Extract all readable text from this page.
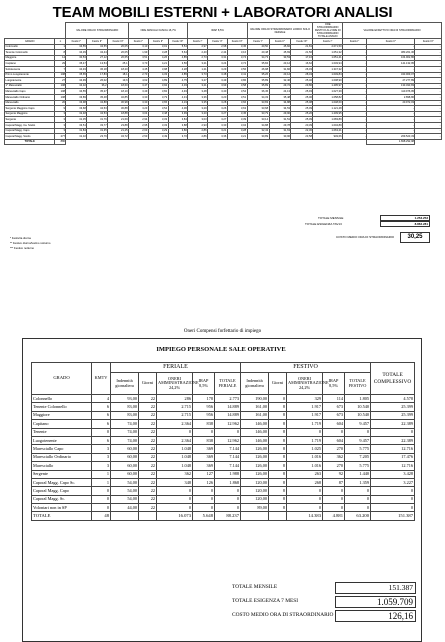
TEAM MOBILI ESTERNI + LABORATORI ANALISI
		VALORE ORA DI STRAORDINARIO			ORE ANNUALI FASCIA 16,7%			IRAP 8,5%			VALORE ORA DI STRAORDINARIO LORDO SOLO FERIALE			ORE STRAORDINARIO FESTIVO ALL'ORE DI STRAORDINARIO TOTALE ANNUO	VALORE EFFETTIVO ORA DI STRAORDINARIO		
GRADO	n	Festiv I°	Festiv II°	Festiv III°	Festiv I°	Festiv II°	Festiv III°	Festiv I°	Festiv II°	Festiv III°	Festiv I°	Festiv II°	Festiv III°	Festiv I°	Festiv I°	Festiv II°	Festiv III°
Colonnello	1	34,55	34,55	20,05	3,10	3,01	5,54	2,97	2,98	3,45	40,50	45,82	21,81	2.071,50	-	-	-
Tenente Colonnello	8	34,39	34,44	20,05	1,99	3,28	5,64	2,40	2,44	3,16	40,48	45,69	21,56	1.051,32	-	383.261,36	-
Maggiore	14	30,53	27,12	20,65	3,51	4,26	4,85	2,73	3,31	3,74	34,73	33,53	17,16	1.051,41	-	164.902,86	-
Capitano	29	35,47	13,54	25,1	3,73	4,21	3,56	3,21	3,24	3,72	35,84	23,12	16,62	1.049,94	-	141.132,95	-
Sottotenente	7	34,49	36,18	18,20	4,45	3,98	4,28	1,21	3,29	3,56	46,98	31,82	26,03	1.347,32	-	-	-
Primo Luogotenente	108	35,65	17,83	18,1	2,73	4,33	4,85	3,73	3,48	3,41	35,26	23,12	28,43	1.049,84	-	343.969,07	-
Luogotenente	27	34,99	26,02	19,6	4,62	4,89	4,75	3,27	3,49	3,86	35,89	32,46	25,40	1.008,90	-	27.277,89	-
1° Maresciallo	108	34,32	36,2	18,60	3,47	3,92	4,03	3,21	3,99	3,58	35,89	29,72	29,80	1.295,97	-	133.493,83	-
Maresciallo Capo	108	34,55	35,27	18,10	3,49	3,82	4,49	3,48	3,40	3,54	36,45	24,13	25,93	1.027,39	-	110.976,95	-
Maresciallo Ordinario	108	33,89	35,48	32,85	3,30	3,79	4,31	3,36	3,20	3,51	34,33	35,48	25,00	1.058,82	-	2.898,86	-
Maresciallo	20	33,98	34,88	30,98	3,30	3,65	4,19	3,35	3,28	3,66	33,83	34,88	25,08	1.048,60	-	20.972,03	-
Sergente Maggiore Capo	9	33,68	34,53	30,88	3,23	3,54	4,06	3,29	3,26	3,63	33,68	34,53	25,09	1.121,48	-	-	-
Sergente Maggiore	3	32,48	34,53	18,88	3,04	3,48	3,99	3,20	3,27	3,45	33,79	29,90	25,20	1.209,95	-	-	-
Sergente	3	31,35	31,76	21,69	2,94	3,33	3,84	3,03	3,27	3,39	33,14	31,51	25,09	1.083,89	-	-	-
Caporal Magg. Ca. Scelto	3	33,51	33,77	23,88	2,95	3,33	3,88	2,93	3,30	3,04	34,88	29,78	20,39	1.004,89	-	-	-
Caporal Magg. Capo	3	31,84	31,35	21,25	2,63	3,29	3,80	2,86	3,21	3,28	32,43	31,63	22,30	1.063,21	-	-	-
Caporal Magg. Scelto	277	31,32	23,76	34,72	2,53	3,49	3,70	2,86	3,36	3,21	30,89	30,96	23,58	949,66	-	269.523,33	-
TOTALE	880															1.698.292,98	
TOTALE MENSILE	1.253.253
TOTALE ESIGENZA TAV13	8.862.281
COSTO MEDIO ORA DI STRAORDINARIO	30,25
* Festivita diurna
** Festivo diurno/festivo notturno
*** Festivo notturno
Oneri Compensi forfettario di impiego
IMPIEGO PERSONALE SALE OPERATIVE
GRADO	KMTV	FERIALE					FESTIVO					TOTALE COMPLESSIVO
		Indennità giornaliera	Giorni	ONERI AMMINISTRAZIONE 24,2%	IRAP 8,5%	TOTALE FERIALE	Indennità giornaliera	Giorni	ONERI AMMINISTRAZIONE 24,2%	IRAP 8,5%	TOTALE FESTIVO	
Colonnello	4	93,00	22	286	178	2.773	190,00	0	329	114	1.805	4.578
Tenente Colonnello	6	83,00	22	2.715	956	14.889	161,00	8	1.917	673	10.540	25.399
Maggiore	6	83,00	22	2.715	956	14.889	161,00	8	1.917	673	10.540	25.399
Capitano	6	74,00	22	2.364	838	12.962	146,00	8	1.719	604	9.457	22.389
Tenente	0	74,00	22	0	0	0	146,00	8	0	0	0	0
Luogotenente	6	74,00	22	2.364	838	12.962	146,00	8	1.719	604	9.457	22.389
Maresciallo Capo	3	60,00	22	1.048	369	7.144	126,00	8	1.025	270	5.775	12.716
Maresciallo Ordinario	3	60,00	22	1.048	369	7.144	126,00	8	1.016	362	7.205	17.476
Maresciallo	3	60,00	22	1.048	369	7.144	126,00	8	1.016	270	5.775	12.716
Sergente	1	60,00	22	362	127	1.988	126,00	8	263	92	1.440	3.428
Caporal Magg. Capo Sc.	1	54,00	22	348	126	1.868	120,00	8	268	87	1.359	3.227
Caporal Magg. Capo	0	54,00	22	0	0	0	120,00	8	0	0	0	0
Caporal Magg. Sc.	0	54,00	22	0	0	0	120,00	8	0	0	0	0
Volontari non in SP	0	44,00	22	0	0	0	89,00	8	0	0	0	0
TOTALE	48			16.073	5.648	88.237			14.383	4.881	63.200	151.387
TOTALE MENSILE	151.387
TOTALE ESIGENZA 7 MESI	1.059.709
COSTO MEDIO ORA DI STRAORDINARIO	126,16
